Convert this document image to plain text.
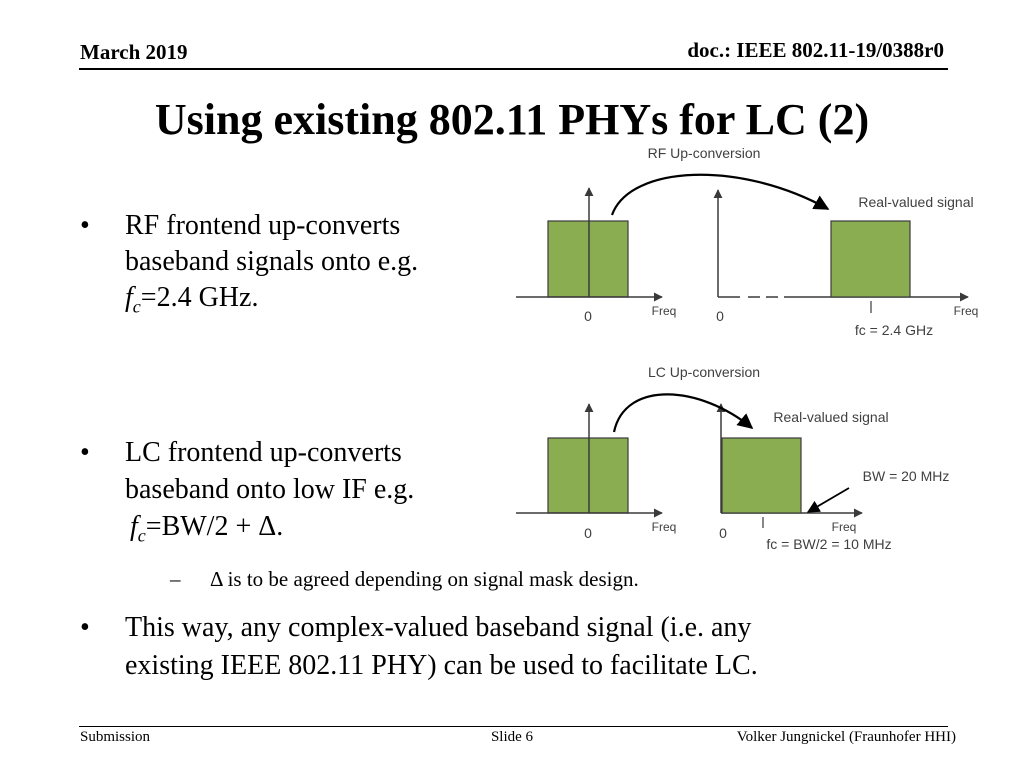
March 2019	doc.: IEEE 802.11-19/0388r0
Using existing 802.11 PHYs for LC (2)
• RF frontend up-converts
baseband signals onto e.g.
$f_c=2.4$ GHz.
• LC frontend up-converts
baseband onto low IF e.g.
$f_c=BW/2 + \Delta$.
– Δ is to be agreed depending on signal mask design.
• This way, any complex-valued baseband signal (i.e. any
existing IEEE 802.11 PHY) can be used to facilitate LC.
RF Up-conversion
0	Freq	0	Freq
fc = 2.4 GHz
Real-valued signal
LC Up-conversion
0	Freq	0	Freq
fc = BW/2 = 10 MHz
Real-valued signal
BW = 20 MHz
Submission	Slide 6	Volker Jungnickel (Fraunhofer HHI)
